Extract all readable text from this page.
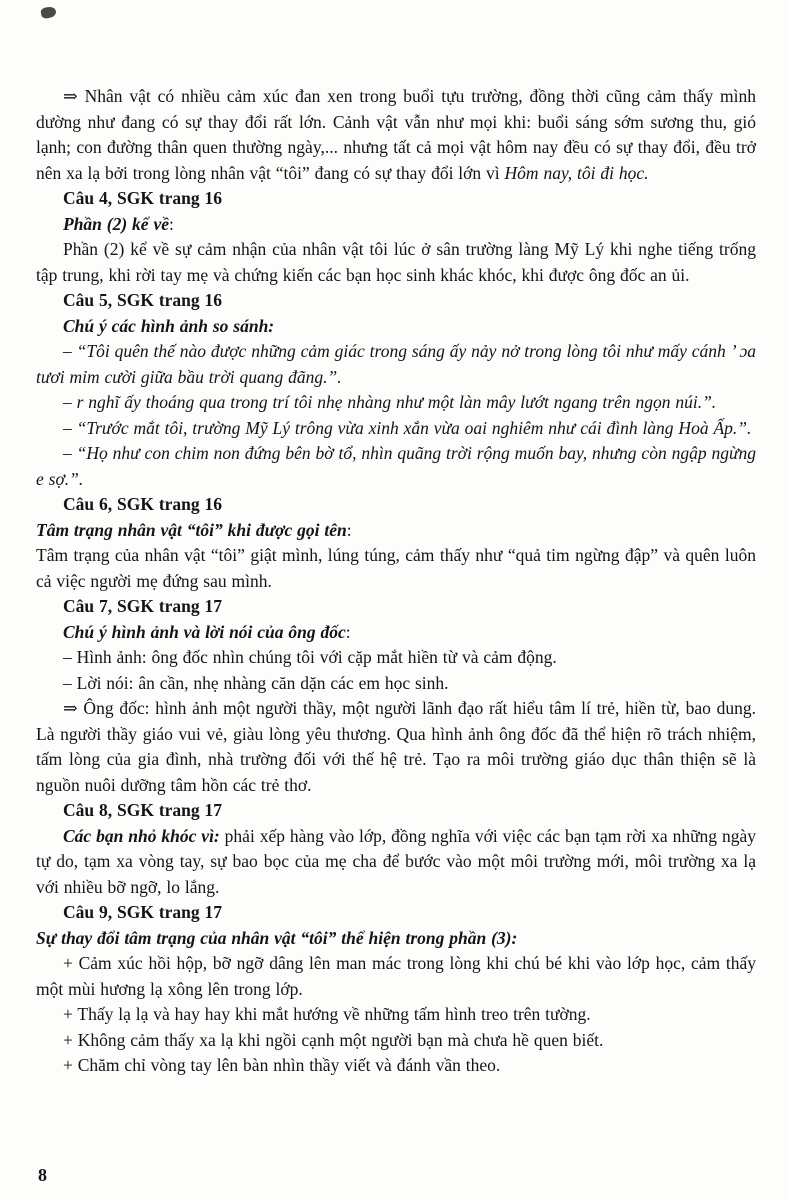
⇒ Nhân vật có nhiều cảm xúc đan xen trong buổi tựu trường, đồng thời cũng cảm thấy mình dường như đang có sự thay đổi rất lớn. Cảnh vật vẫn như mọi khi: buổi sáng sớm sương thu, gió lạnh; con đường thân quen thường ngày,... nhưng tất cả mọi vật hôm nay đều có sự thay đổi, đều trở nên xa lạ bởi trong lòng nhân vật “tôi” đang có sự thay đổi lớn vì Hôm nay, tôi đi học.

Câu 4, SGK trang 16

Phần (2) kể về:

Phần (2) kể về sự cảm nhận của nhân vật tôi lúc ở sân trường làng Mỹ Lý khi nghe tiếng trống tập trung, khi rời tay mẹ và chứng kiến các bạn học sinh khác khóc, khi được ông đốc an ủi.

Câu 5, SGK trang 16

Chú ý các hình ảnh so sánh:

– “Tôi quên thế nào được những cảm giác trong sáng ấy nảy nở trong lòng tôi như mấy cánh ’ ɔa tươi mỉm cười giữa bầu trời quang đãng.”.

– r nghĩ ấy thoáng qua trong trí tôi nhẹ nhàng như một làn mây lướt ngang trên ngọn núi.”.

– “Trước mắt tôi, trường Mỹ Lý trông vừa xinh xắn vừa oai nghiêm như cái đình làng Hoà Ấp.”.

– “Họ như con chim non đứng bên bờ tổ, nhìn quãng trời rộng muốn bay, nhưng còn ngập ngừng e sợ.”.

Câu 6, SGK trang 16

Tâm trạng nhân vật “tôi” khi được gọi tên:

Tâm trạng của nhân vật “tôi” giật mình, lúng túng, cảm thấy như “quả tim ngừng đập” và quên luôn cả việc người mẹ đứng sau mình.

Câu 7, SGK trang 17

Chú ý hình ảnh và lời nói của ông đốc:

– Hình ảnh: ông đốc nhìn chúng tôi với cặp mắt hiền từ và cảm động.

– Lời nói: ân cần, nhẹ nhàng căn dặn các em học sinh.

⇒ Ông đốc: hình ảnh một người thầy, một người lãnh đạo rất hiểu tâm lí trẻ, hiền từ, bao dung. Là người thầy giáo vui vẻ, giàu lòng yêu thương. Qua hình ảnh ông đốc đã thể hiện rõ trách nhiệm, tấm lòng của gia đình, nhà trường đối với thế hệ trẻ. Tạo ra môi trường giáo dục thân thiện sẽ là nguồn nuôi dưỡng tâm hồn các trẻ thơ.

Câu 8, SGK trang 17

Các bạn nhỏ khóc vì: phải xếp hàng vào lớp, đồng nghĩa với việc các bạn tạm rời xa những ngày tự do, tạm xa vòng tay, sự bao bọc của mẹ cha để bước vào một môi trường mới, môi trường xa lạ với nhiều bỡ ngỡ, lo lắng.

Câu 9, SGK trang 17

Sự thay đổi tâm trạng của nhân vật “tôi” thể hiện trong phần (3):

+ Cảm xúc hồi hộp, bỡ ngỡ dâng lên man mác trong lòng khi chú bé khi vào lớp học, cảm thấy một mùi hương lạ xông lên trong lớp.

+ Thấy lạ lạ và hay hay khi mắt hướng về những tấm hình treo trên tường.

+ Không cảm thấy xa lạ khi ngồi cạnh một người bạn mà chưa hề quen biết.

+ Chăm chỉ vòng tay lên bàn nhìn thầy viết và đánh vần theo.

8
